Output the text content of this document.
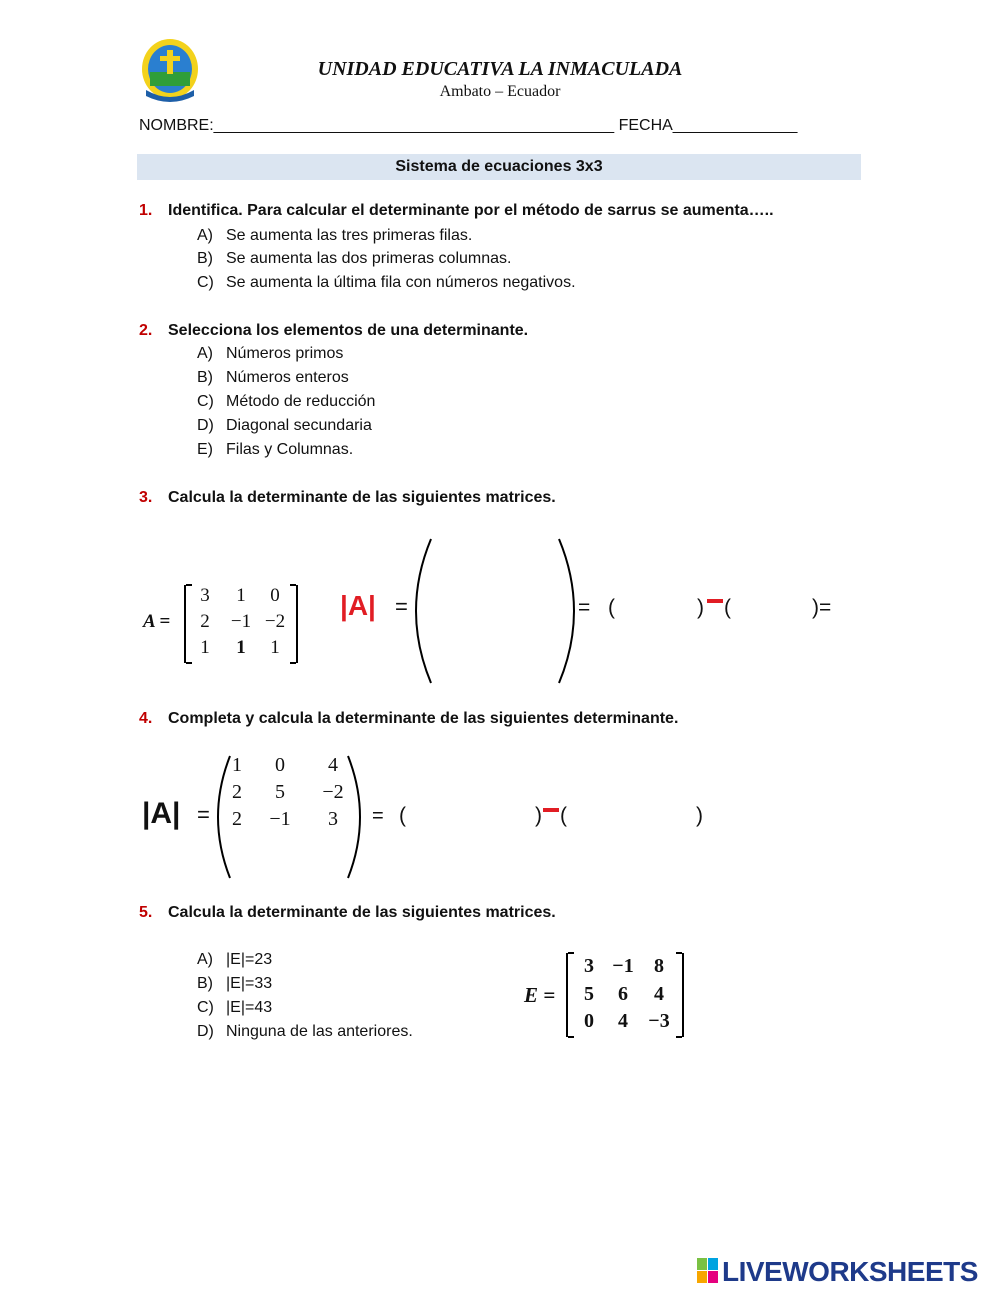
UNIDAD EDUCATIVA LA INMACULADA
Ambato – Ecuador
NOMBRE:_____________________________________________ FECHA______________
Sistema de ecuaciones 3x3
1. Identifica. Para calcular el determinante por el método de sarrus se aumenta…..
A) Se aumenta las tres primeras filas.
B) Se aumenta las dos primeras columnas.
C) Se aumenta la última fila con números negativos.
2. Selecciona los elementos de una determinante.
A) Números primos
B) Números enteros
C) Método de reducción
D) Diagonal secundaria
E) Filas y Columnas.
3. Calcula la determinante de las siguientes matrices.
A =
3	1	0
2	−1 −2
1	1	1
|A| =	= (	) (	)=
4. Completa y calcula la determinante de las siguientes determinante.
|A| =
1	0	4
2	5	−2
2	−1	3	= (	) (	)
5. Calcula la determinante de las siguientes matrices.
A) |E|=23
B) |E|=33
C) |E|=43
D) Ninguna de las anteriores.
E =
3 −1	8
5	6	4
0	4	−3
LIVEWORKSHEETS
